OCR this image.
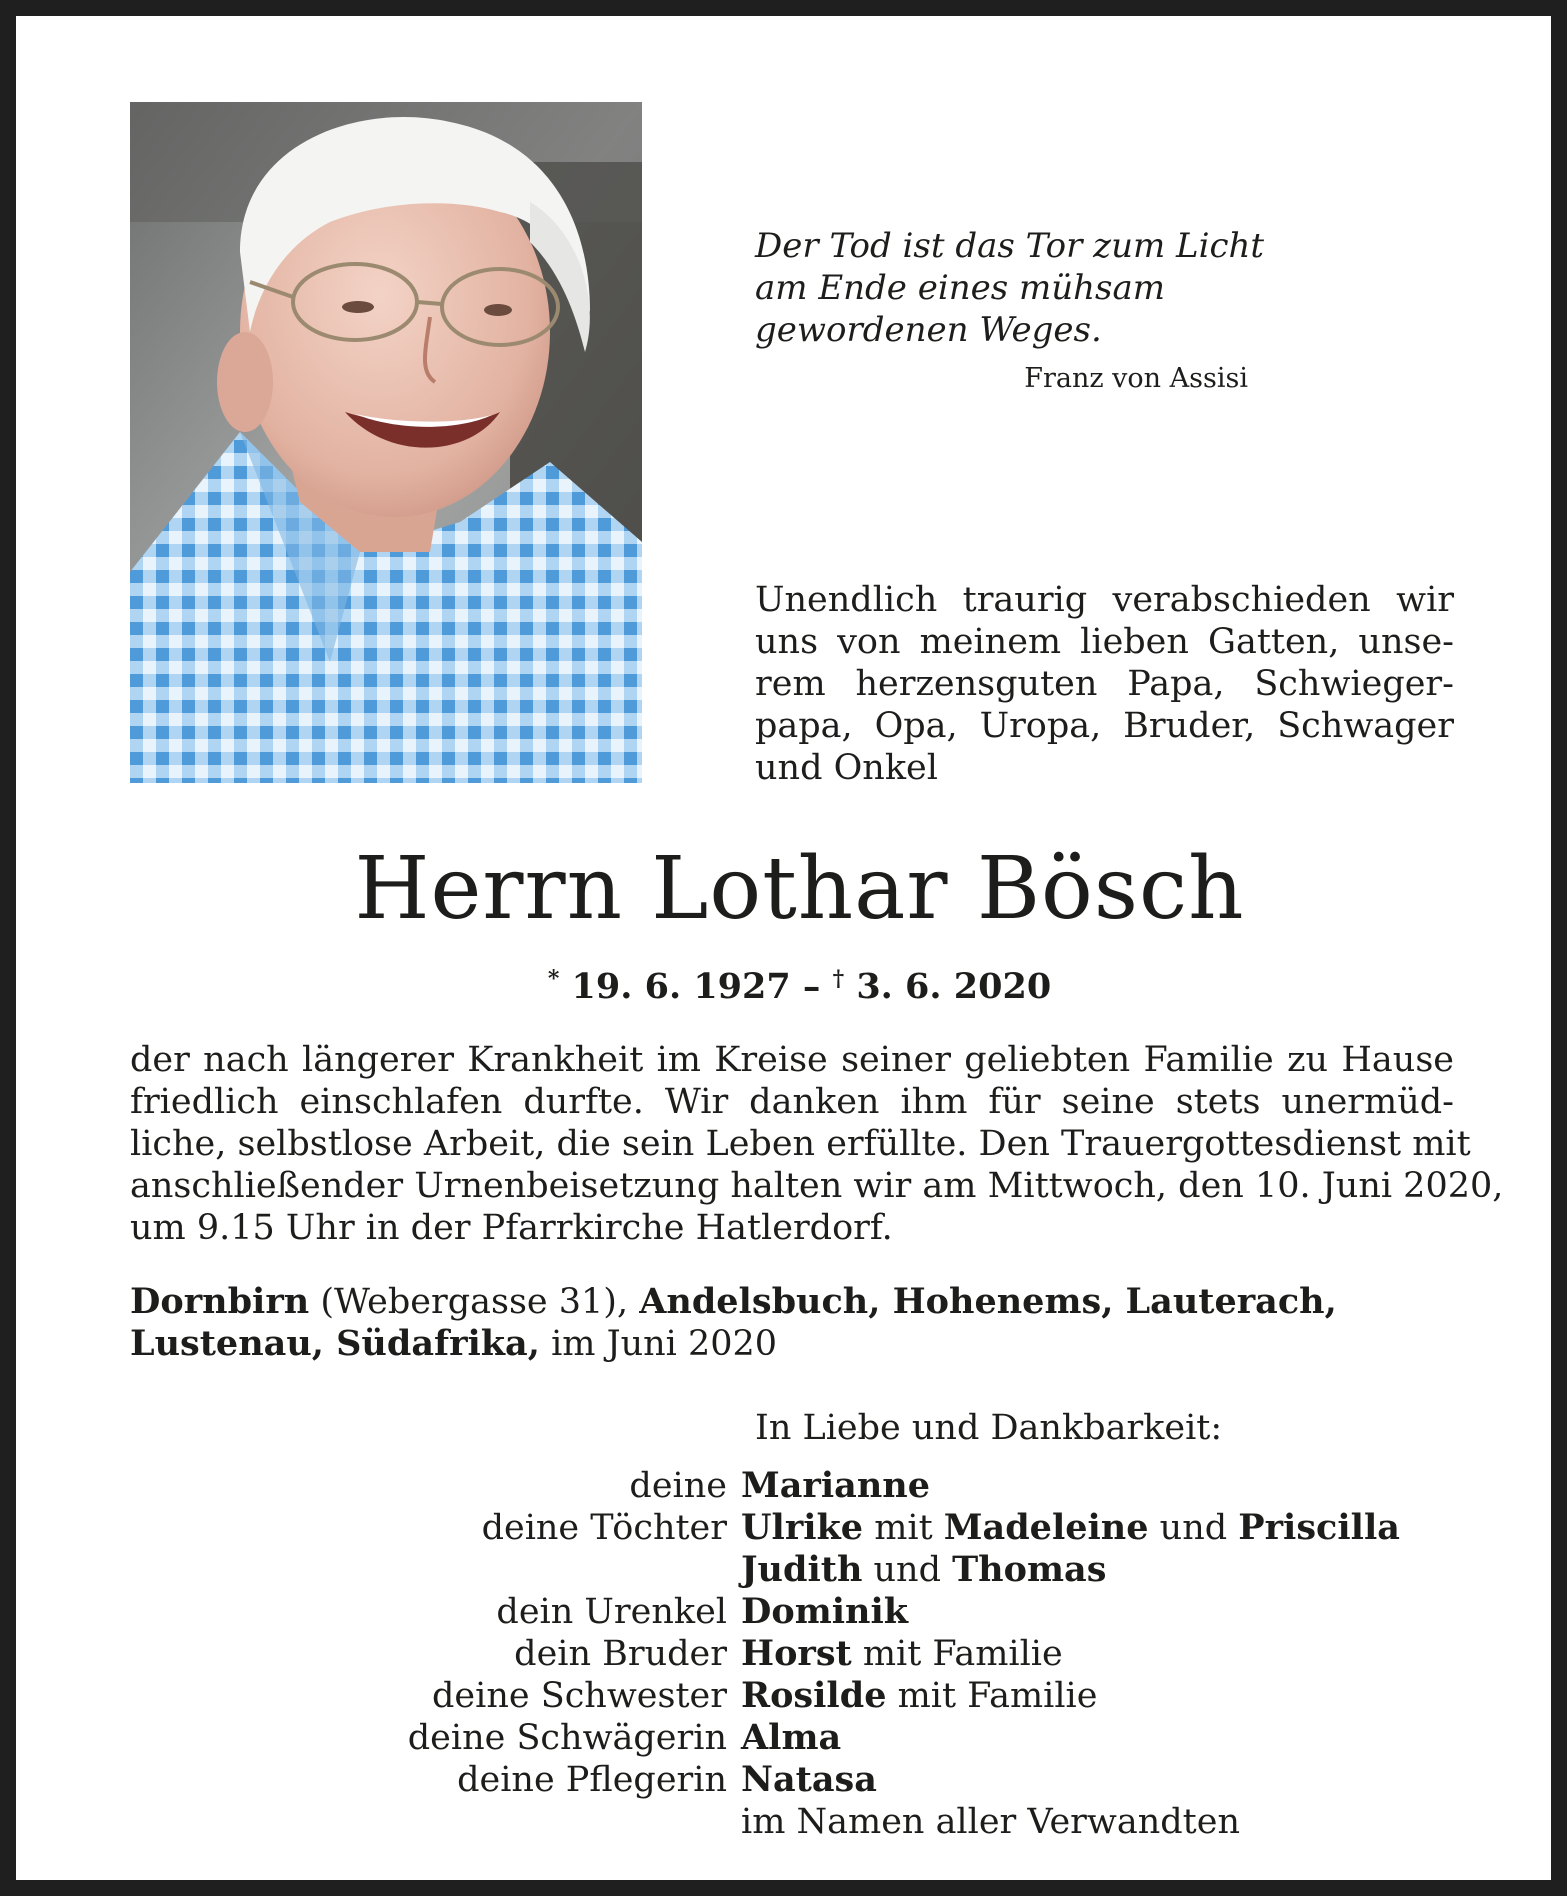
Der Tod ist das Tor zum Licht
am Ende eines mühsam
gewordenen Weges.
Franz von Assisi
Unendlich traurig verabschieden wir
uns von meinem lieben Gatten, unse-
rem herzensguten Papa, Schwieger-
papa, Opa, Uropa, Bruder, Schwager
und Onkel
Herrn Lothar Bösch
* 19. 6. 1927 – † 3. 6. 2020
der nach längerer Krankheit im Kreise seiner geliebten Familie zu Hause
friedlich einschlafen durfte. Wir danken ihm für seine stets unermüd-
liche, selbstlose Arbeit, die sein Leben erfüllte. Den Trauergottesdienst mit
anschließender Urnenbeisetzung halten wir am Mittwoch, den 10. Juni 2020,
um 9.15 Uhr in der Pfarrkirche Hatlerdorf.
Dornbirn (Webergasse 31), Andelsbuch, Hohenems, Lauterach,
Lustenau, Südafrika, im Juni 2020
In Liebe und Dankbarkeit:
deine Marianne
deine Töchter Ulrike mit Madeleine und Priscilla
Judith und Thomas
dein Urenkel Dominik
dein Bruder Horst mit Familie
deine Schwester Rosilde mit Familie
deine Schwägerin Alma
deine Pflegerin Natasa
im Namen aller Verwandten
